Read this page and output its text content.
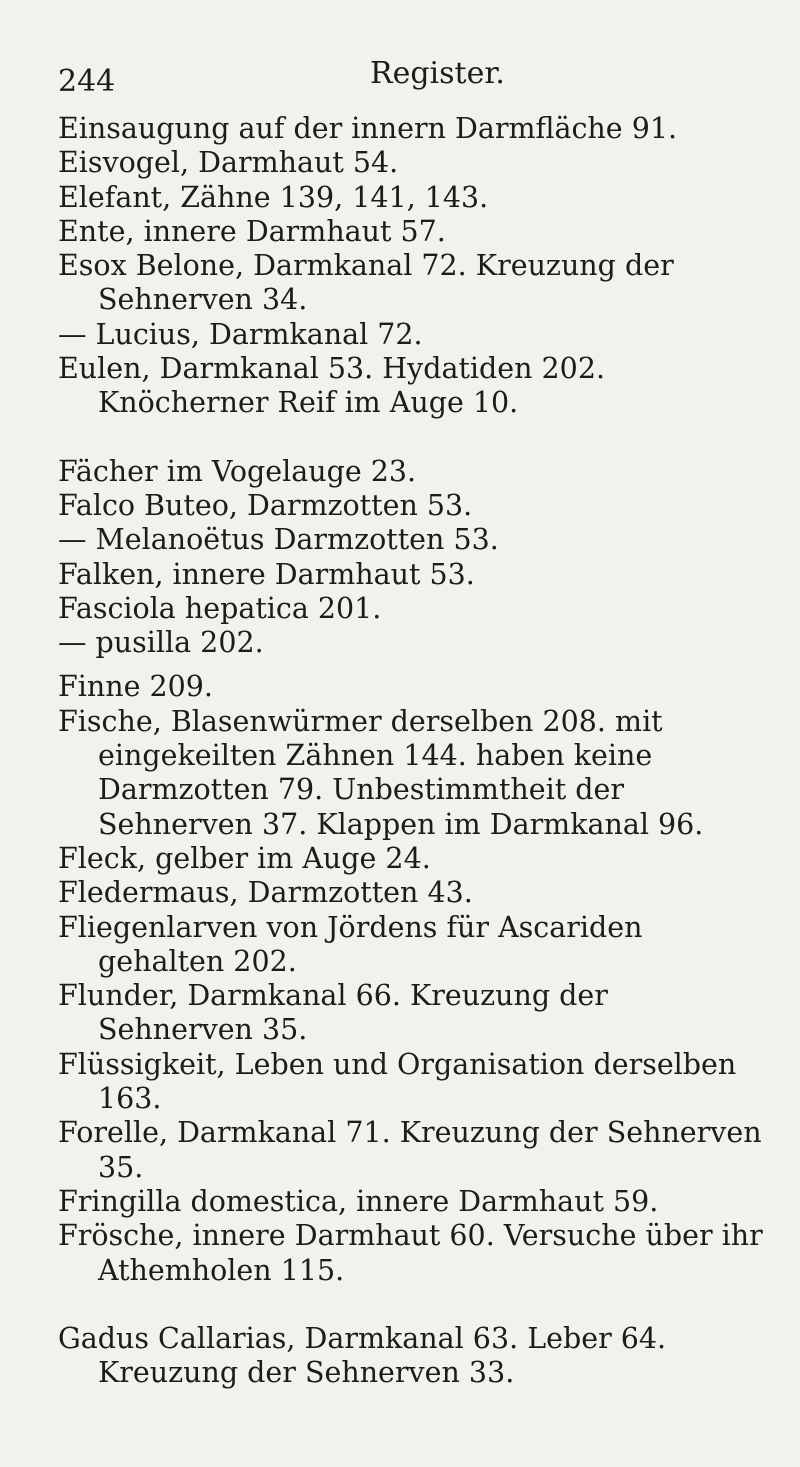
244	Register.
Einsaugung auf der innern Darmfläche 91.
Eisvogel, Darmhaut 54.
Elefant, Zähne 139, 141, 143.
Ente, innere Darmhaut 57.
Esox Belone, Darmkanal 72. Kreuzung der Sehnerven 34.
— Lucius, Darmkanal 72.
Eulen, Darmkanal 53. Hydatiden 202. Knöcherner Reif im Auge 10.
Fächer im Vogelauge 23.
Falco Buteo, Darmzotten 53.
— Melanoëtus Darmzotten 53.
Falken, innere Darmhaut 53.
Fasciola hepatica 201.
— pusilla 202.
Finne 209.
Fische, Blasenwürmer derselben 208. mit eingekeilten Zähnen 144. haben keine Darmzotten 79. Unbestimmtheit der Sehnerven 37. Klappen im Darmkanal 96.
Fleck, gelber im Auge 24.
Fledermaus, Darmzotten 43.
Fliegenlarven von Jördens für Ascariden gehalten 202.
Flunder, Darmkanal 66. Kreuzung der Sehnerven 35.
Flüssigkeit, Leben und Organisation derselben 163.
Forelle, Darmkanal 71. Kreuzung der Sehnerven 35.
Fringilla domestica, innere Darmhaut 59.
Frösche, innere Darmhaut 60. Versuche über ihr Athemholen 115.
Gadus Callarias, Darmkanal 63. Leber 64. Kreuzung der Sehnerven 33.
